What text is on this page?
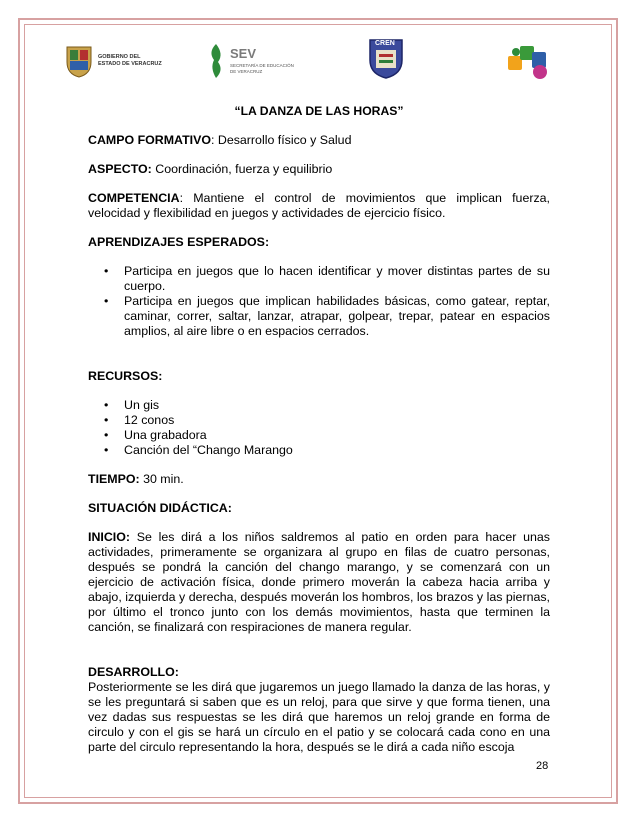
GOBIERNO DEL
ESTADO DE VERACRUZ
SEV
SECRETARÍA DE EDUCACIÓN
DE VERACRUZ
CREN
“LA DANZA DE LAS HORAS”

CAMPO FORMATIVO: Desarrollo físico y Salud

ASPECTO: Coordinación, fuerza y equilibrio

COMPETENCIA: Mantiene el control de movimientos que implican fuerza, velocidad y flexibilidad en juegos y actividades de ejercicio físico.

APRENDIZAJES ESPERADOS:

• Participa en juegos que lo hacen identificar y mover distintas partes de su cuerpo.
• Participa en juegos que implican habilidades básicas, como gatear, reptar, caminar, correr, saltar, lanzar, atrapar, golpear, trepar, patear en espacios amplios, al aire libre o en espacios cerrados.

RECURSOS:

• Un gis
• 12 conos
• Una grabadora
• Canción del “Chango Marango

TIEMPO: 30 min.

SITUACIÓN DIDÁCTICA:

INICIO: Se les dirá a los niños saldremos al patio en orden para hacer unas actividades, primeramente se organizara al grupo en filas de cuatro personas, después se pondrá la canción del chango marango, y se comenzará con un ejercicio de activación física, donde primero moverán la cabeza hacia arriba y abajo, izquierda y derecha, después moverán los hombros, los brazos y las piernas, por último el tronco junto con los demás movimientos, hasta que terminen la canción, se finalizará con respiraciones de manera regular.

DESARROLLO:
Posteriormente se les dirá que jugaremos un juego llamado la danza de las horas, y se les preguntará si saben que es un reloj, para que sirve y que forma tienen, una vez dadas sus respuestas se les dirá que haremos un reloj grande en forma de circulo y con el gis se hará un círculo en el patio y se colocará cada cono en una parte del circulo representando la hora, después se le dirá a cada niño escoja
28
